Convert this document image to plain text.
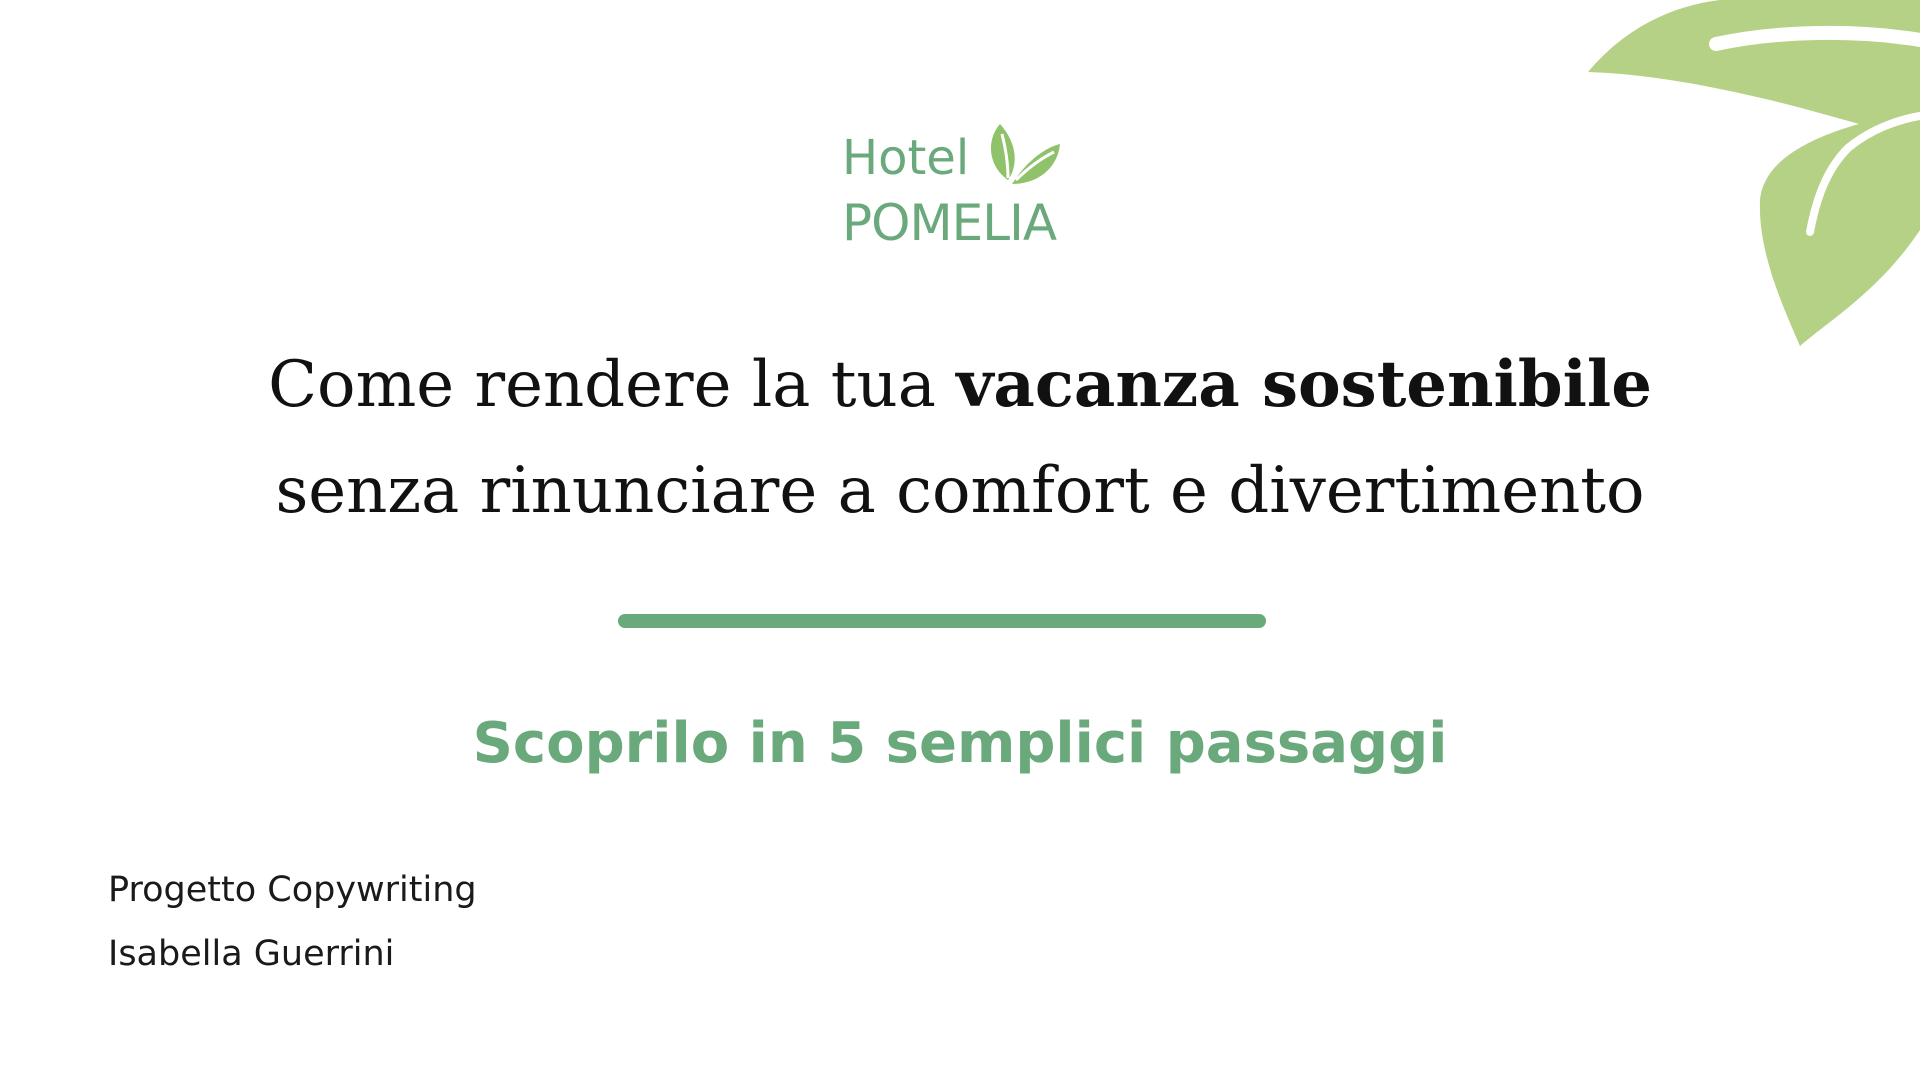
Hotel
POMELIA
Come rendere la tua vacanza sostenibile
senza rinunciare a comfort e divertimento
Scoprilo in 5 semplici passaggi
Progetto Copywriting
Isabella Guerrini
